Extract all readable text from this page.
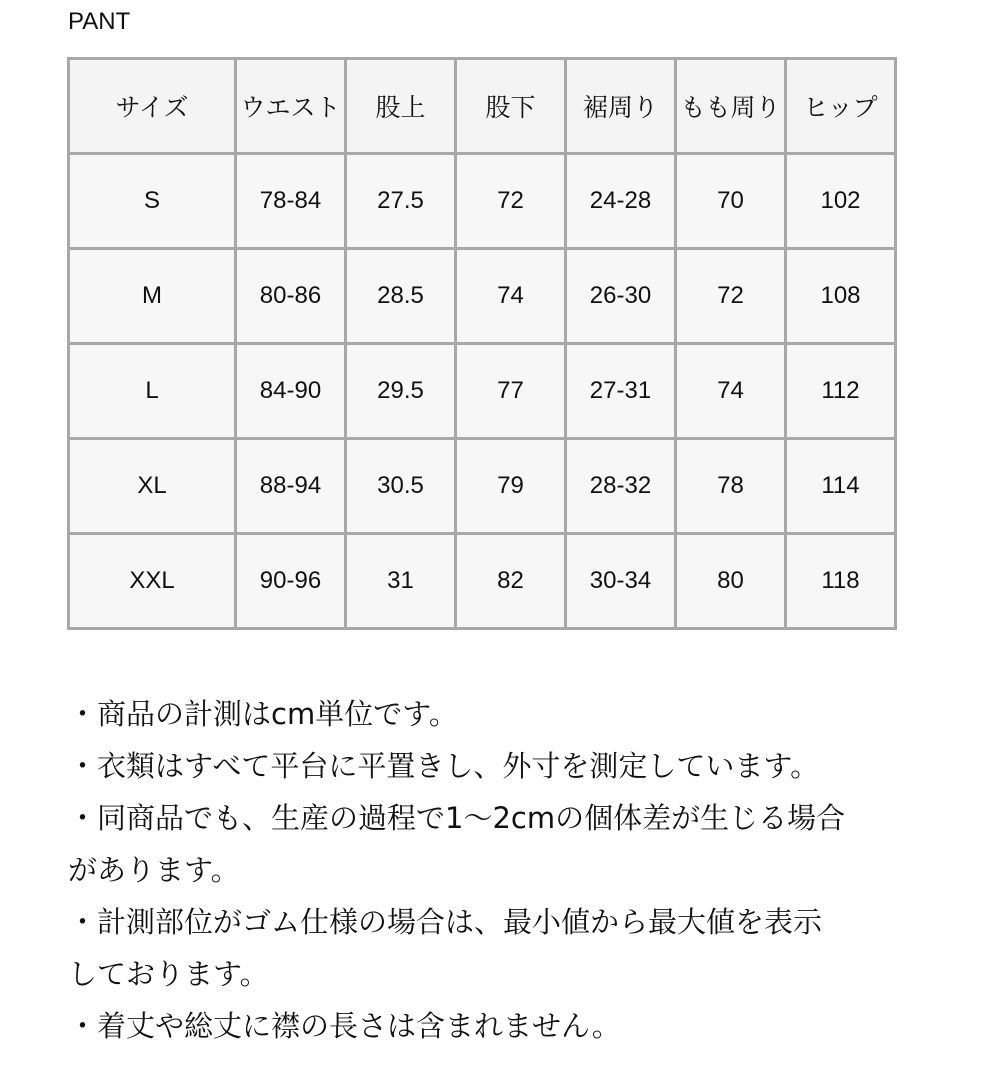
PANT
サイズ	ウエスト	股上	股下	裾周り	もも周り	ヒップ
S	78-84	27.5	72	24-28	70	102
M	80-86	28.5	74	26-30	72	108
L	84-90	29.5	77	27-31	74	112
XL	88-94	30.5	79	28-32	78	114
XXL	90-96	31	82	30-34	80	118

・商品の計測はcm単位です。

・衣類はすべて平台に平置きし、外寸を測定しています。

・同商品でも、生産の過程で1～2cmの個体差が生じる場合

があります。

・計測部位がゴム仕様の場合は、最小値から最大値を表示

しております。

・着丈や総丈に襟の長さは含まれません。
